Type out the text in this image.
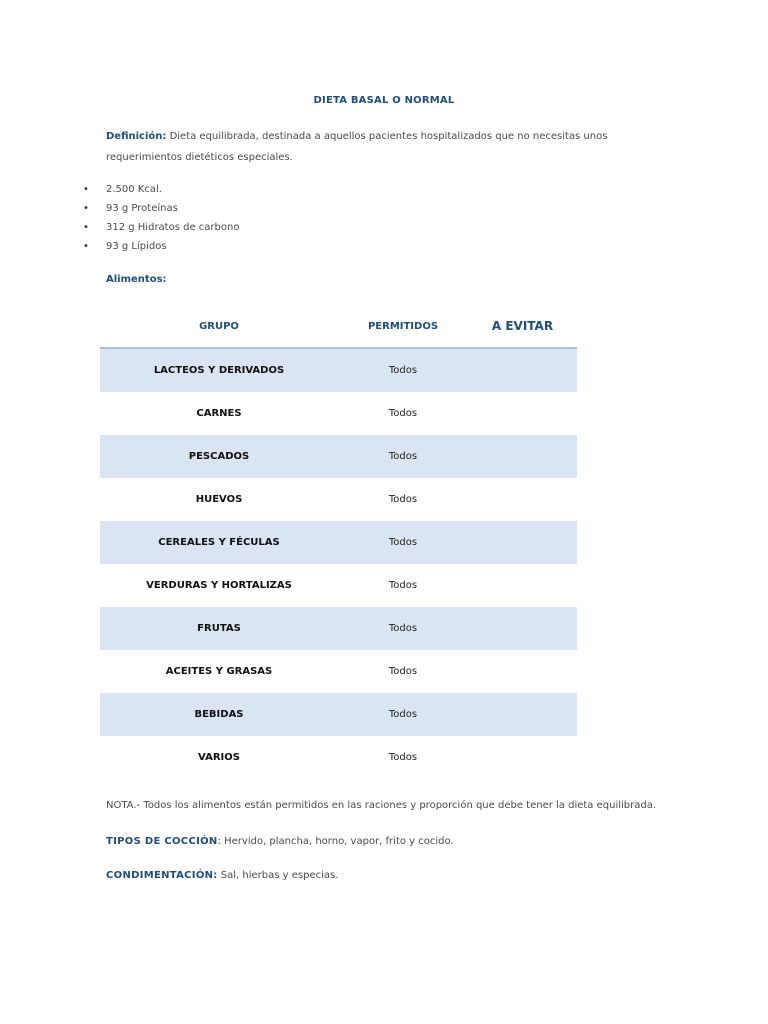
DIETA BASAL O NORMAL
Definición: Dieta equilibrada, destinada a aquellos pacientes hospitalizados que no necesitas unos requerimientos dietéticos especiales.
• 2.500 Kcal.
• 93 g Proteínas
• 312 g Hidratos de carbono
• 93 g Lípidos
Alimentos:
GRUPO	PERMITIDOS	A EVITAR
LACTEOS Y DERIVADOS	Todos	
CARNES	Todos	
PESCADOS	Todos	
HUEVOS	Todos	
CEREALES Y FÉCULAS	Todos	
VERDURAS Y HORTALIZAS	Todos	
FRUTAS	Todos	
ACEITES Y GRASAS	Todos	
BEBIDAS	Todos	
VARIOS	Todos	
NOTA.- Todos los alimentos están permitidos en las raciones y proporción que debe tener la dieta equilibrada.
TIPOS DE COCCIÓN: Hervido, plancha, horno, vapor, frito y cocido.
CONDIMENTACIÓN: Sal, hierbas y especias.
